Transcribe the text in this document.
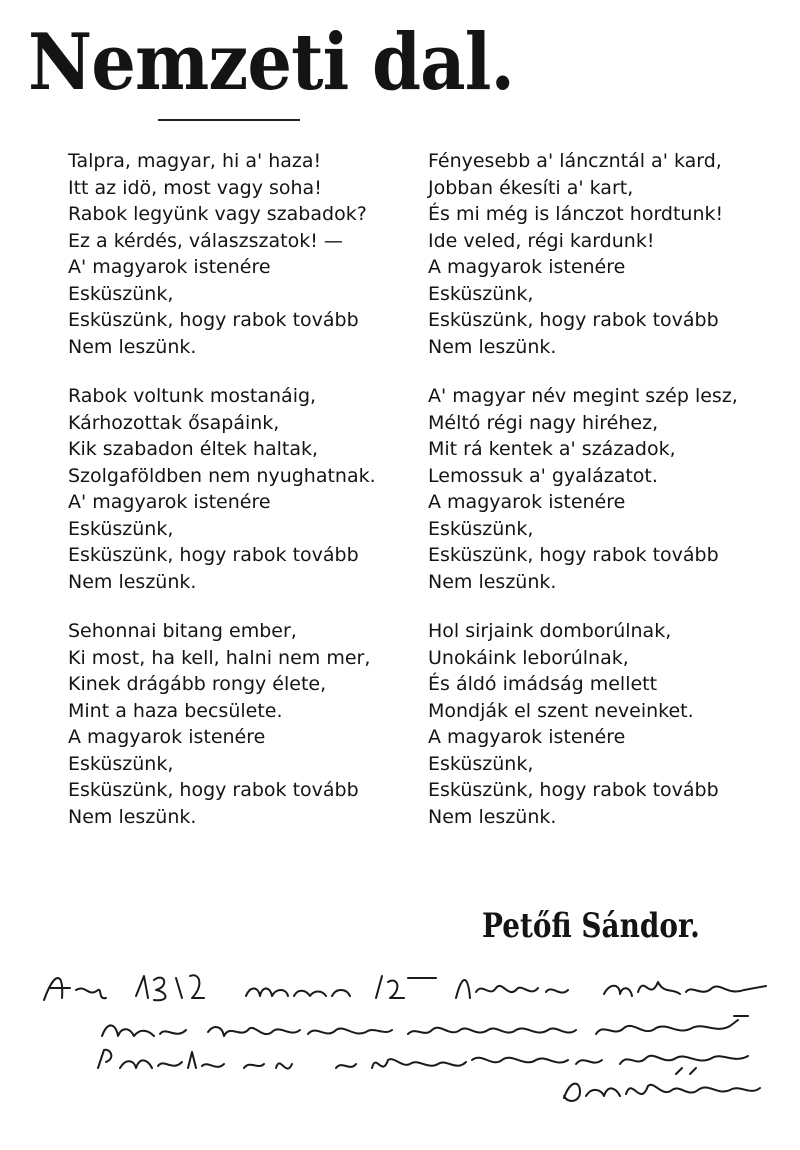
Nemzeti dal.
Talpra, magyar, hi a' haza!
Itt az idö, most vagy soha!
Rabok legyünk vagy szabadok?
Ez a kérdés, válaszszatok! —
A' magyarok istenére
Esküszünk,
Esküszünk, hogy rabok tovább
Nem leszünk.
Rabok voltunk mostanáig,
Kárhozottak ősapáink,
Kik szabadon éltek haltak,
Szolgaföldben nem nyughatnak.
A' magyarok istenére
Esküszünk,
Esküszünk, hogy rabok tovább
Nem leszünk.
Sehonnai bitang ember,
Ki most, ha kell, halni nem mer,
Kinek drágább rongy élete,
Mint a haza becsülete.
A magyarok istenére
Esküszünk,
Esküszünk, hogy rabok tovább
Nem leszünk.
Fényesebb a' lánczntál a' kard,
Jobban ékesíti a' kart,
És mi még is lánczot hordtunk!
Ide veled, régi kardunk!
A magyarok istenére
Esküszünk,
Esküszünk, hogy rabok tovább
Nem leszünk.
A' magyar név megint szép lesz,
Méltó régi nagy hiréhez,
Mit rá kentek a' századok,
Lemossuk a' gyalázatot.
A magyarok istenére
Esküszünk,
Esküszünk, hogy rabok tovább
Nem leszünk.
Hol sirjaink domborúlnak,
Unokáink leborúlnak,
És áldó imádság mellett
Mondják el szent neveinket.
A magyarok istenére
Esküszünk,
Esküszünk, hogy rabok tovább
Nem leszünk.
Petőfi Sándor.
